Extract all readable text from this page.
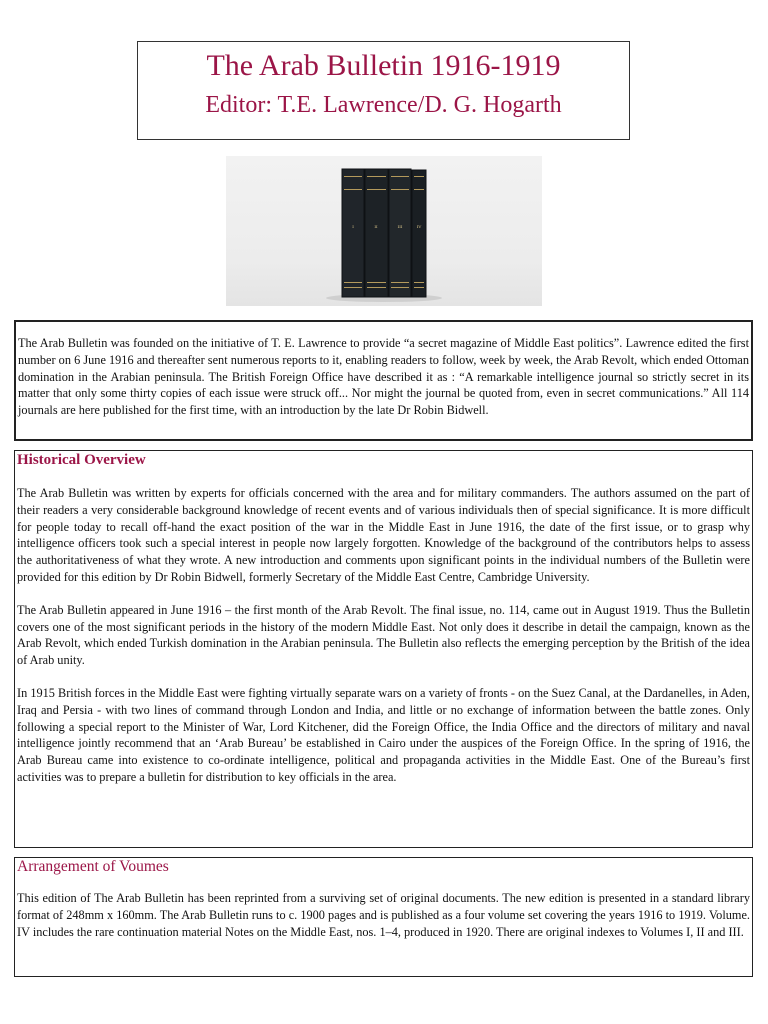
The Arab Bulletin 1916-1919
Editor: T.E. Lawrence/D. G. Hogarth
I	II	III	IV

The Arab Bulletin was founded on the initiative of T. E. Lawrence to provide “a secret magazine of Middle East politics”. Lawrence edited the first number on 6 June 1916 and thereafter sent numerous reports to it, enabling readers to follow, week by week, the Arab Revolt, which ended Ottoman domination in the Arabian peninsula. The British Foreign Office have described it as : “A remarkable intelligence journal so strictly secret in its matter that only some thirty copies of each issue were struck off... Nor might the journal be quoted from, even in secret communications.” All 114 journals are here published for the first time, with an introduction by the late Dr Robin Bidwell.

Historical Overview

The Arab Bulletin was written by experts for officials concerned with the area and for military commanders. The authors assumed on the part of their readers a very considerable background knowledge of recent events and of various individuals then of special significance. It is more difficult for people today to recall off-hand the exact position of the war in the Middle East in June 1916, the date of the first issue, or to grasp why intelligence officers took such a special interest in people now largely forgotten. Knowledge of the background of the contributors helps to assess the authoritativeness of what they wrote. A new introduction and comments upon significant points in the individual numbers of the Bulletin were provided for this edition by Dr Robin Bidwell, formerly Secretary of the Middle East Centre, Cambridge University.

The Arab Bulletin appeared in June 1916 – the first month of the Arab Revolt. The final issue, no. 114, came out in August 1919. Thus the Bulletin covers one of the most significant periods in the history of the modern Middle East. Not only does it describe in detail the campaign, known as the Arab Revolt, which ended Turkish domination in the Arabian peninsula. The Bulletin also reflects the emerging perception by the British of the idea of Arab unity.

In 1915 British forces in the Middle East were fighting virtually separate wars on a variety of fronts - on the Suez Canal, at the Dardanelles, in Aden, Iraq and Persia - with two lines of command through London and India, and little or no exchange of information between the battle zones. Only following a special report to the Minister of War, Lord Kitchener, did the Foreign Office, the India Office and the directors of military and naval intelligence jointly recommend that an ‘Arab Bureau’ be established in Cairo under the auspices of the Foreign Office. In the spring of 1916, the Arab Bureau came into existence to co-ordinate intelligence, political and propaganda activities in the Middle East. One of the Bureau’s first activities was to prepare a bulletin for distribution to key officials in the area.

Arrangement of Voumes

This edition of The Arab Bulletin has been reprinted from a surviving set of original documents. The new edition is presented in a standard library format of 248mm x 160mm. The Arab Bulletin runs to c. 1900 pages and is published as a four volume set covering the years 1916 to 1919. Volume. IV includes the rare continuation material Notes on the Middle East, nos. 1–4, produced in 1920. There are original indexes to Volumes I, II and III.
